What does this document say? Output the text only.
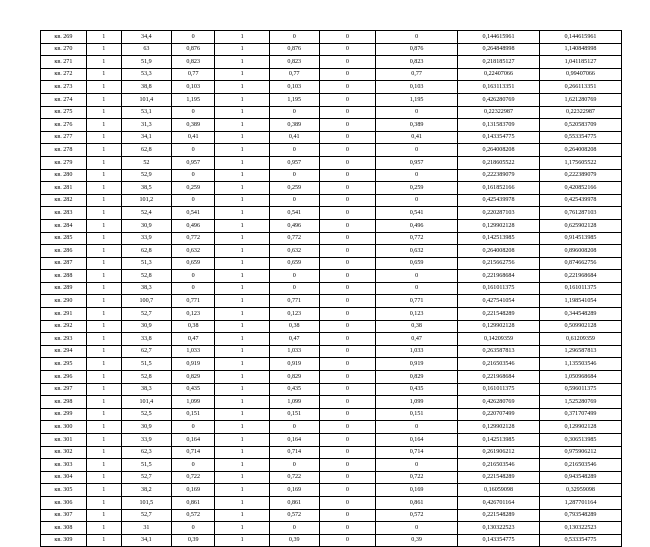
кв. 269	1	34,4	0	1	0	0	0	0,144615961	0,144615961
кв. 270	1	63	0,876	1	0,876	0	0,876	0,264848998	1,140848998
кв. 271	1	51,9	0,823	1	0,823	0	0,823	0,218185127	1,041185127
кв. 272	1	53,3	0,77	1	0,77	0	0,77	0,22407066	0,99407066
кв. 273	1	38,8	0,103	1	0,103	0	0,103	0,163113351	0,266113351
кв. 274	1	101,4	1,195	1	1,195	0	1,195	0,426280769	1,621280769
кв. 275	1	53,1	0	1	0	0	0	0,22322987	0,22322987
кв. 276	1	31,3	0,389	1	0,389	0	0,389	0,131583709	0,520583709
кв. 277	1	34,1	0,41	1	0,41	0	0,41	0,143354775	0,553354775
кв. 278	1	62,8	0	1	0	0	0	0,264008208	0,264008208
кв. 279	1	52	0,957	1	0,957	0	0,957	0,218605522	1,175605522
кв. 280	1	52,9	0	1	0	0	0	0,222389079	0,222389079
кв. 281	1	38,5	0,259	1	0,259	0	0,259	0,161852166	0,420852166
кв. 282	1	101,2	0	1	0	0	0	0,425439978	0,425439978
кв. 283	1	52,4	0,541	1	0,541	0	0,541	0,220287103	0,761287103
кв. 284	1	30,9	0,496	1	0,496	0	0,496	0,129902128	0,625902128
кв. 285	1	33,9	0,772	1	0,772	0	0,772	0,142513985	0,914513985
кв. 286	1	62,8	0,632	1	0,632	0	0,632	0,264008208	0,896008208
кв. 287	1	51,3	0,659	1	0,659	0	0,659	0,215662756	0,874662756
кв. 288	1	52,8	0	1	0	0	0	0,221968684	0,221968684
кв. 289	1	38,3	0	1	0	0	0	0,161011375	0,161011375
кв. 290	1	100,7	0,771	1	0,771	0	0,771	0,427541054	1,198541054
кв. 291	1	52,7	0,123	1	0,123	0	0,123	0,221548289	0,344548289
кв. 292	1	30,9	0,38	1	0,38	0	0,38	0,129902128	0,509902128
кв. 293	1	33,8	0,47	1	0,47	0	0,47	0,14209359	0,61209359
кв. 294	1	62,7	1,033	1	1,033	0	1,033	0,263587813	1,296587813
кв. 295	1	51,5	0,919	1	0,919	0	0,919	0,216503546	1,135503546
кв. 296	1	52,8	0,829	1	0,829	0	0,829	0,221968684	1,050968684
кв. 297	1	38,3	0,435	1	0,435	0	0,435	0,161011375	0,596011375
кв. 298	1	101,4	1,099	1	1,099	0	1,099	0,426280769	1,525280769
кв. 299	1	52,5	0,151	1	0,151	0	0,151	0,220707499	0,371707499
кв. 300	1	30,9	0	1	0	0	0	0,129902128	0,129902128
кв. 301	1	33,9	0,164	1	0,164	0	0,164	0,142513985	0,306513985
кв. 302	1	62,3	0,714	1	0,714	0	0,714	0,261906212	0,975906212
кв. 303	1	51,5	0	1	0	0	0	0,216503546	0,216503546
кв. 304	1	52,7	0,722	1	0,722	0	0,722	0,221548289	0,943548289
кв. 305	1	38,2	0,169	1	0,169	0	0,169	0,16059098	0,32959098
кв. 306	1	101,5	0,861	1	0,861	0	0,861	0,426701164	1,287701164
кв. 307	1	52,7	0,572	1	0,572	0	0,572	0,221548289	0,793548289
кв. 308	1	31	0	1	0	0	0	0,130322523	0,130322523
кв. 309	1	34,1	0,39	1	0,39	0	0,39	0,143354775	0,533354775
